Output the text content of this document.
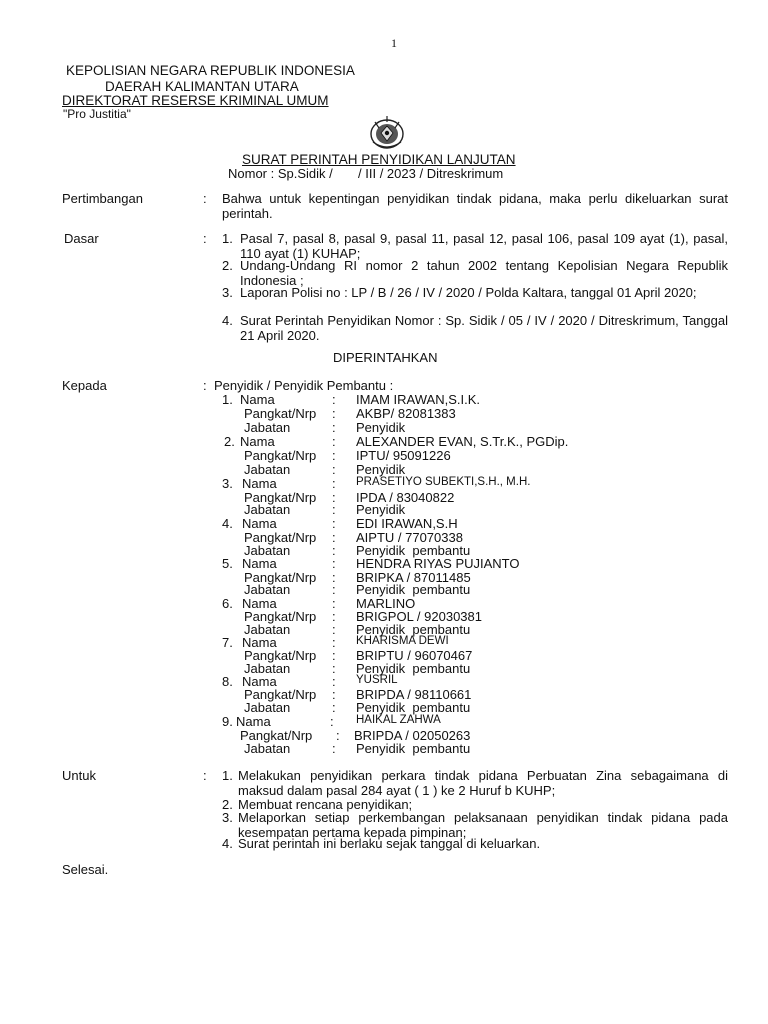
1
KEPOLISIAN NEGARA REPUBLIK INDONESIA
DAERAH KALIMANTAN UTARA
DIREKTORAT RESERSE KRIMINAL UMUM
"Pro Justitia"
SURAT PERINTAH PENYIDIKAN LANJUTAN
Nomor : Sp.Sidik /       / III / 2023 / Ditreskrimum
Pertimbangan	: Bahwa untuk kepentingan penyidikan tindak pidana, maka perlu dikeluarkan surat perintah.
Dasar	: 1. Pasal 7, pasal 8, pasal 9, pasal 11, pasal 12, pasal 106, pasal 109 ayat (1), pasal, 110 ayat (1) KUHAP;
2. Undang-Undang RI nomor 2 tahun 2002 tentang Kepolisian Negara Republik Indonesia ;
3. Laporan Polisi no : LP / B / 26 / IV / 2020 / Polda Kaltara, tanggal 01 April 2020;
4. Surat Perintah Penyidikan Nomor : Sp. Sidik / 05 / IV / 2020 / Ditreskrimum, Tanggal 21 April 2020.
DIPERINTAHKAN
Kepada	: Penyidik / Penyidik Pembantu :
1. Nama	: IMAM IRAWAN,S.I.K.
Pangkat/Nrp : AKBP/ 82081383
Jabatan	: Penyidik
2. Nama	: ALEXANDER EVAN, S.Tr.K., PGDip.
Pangkat/Nrp : IPTU/ 95091226
Jabatan	: Penyidik
3. Nama	: PRASETIYO SUBEKTI,S.H., M.H.
Pangkat/Nrp : IPDA / 83040822
Jabatan	: Penyidik
4. Nama	: EDI IRAWAN,S.H
Pangkat/Nrp : AIPTU / 77070338
Jabatan	: Penyidik  pembantu
5. Nama	: HENDRA RIYAS PUJIANTO
Pangkat/Nrp : BRIPKA / 87011485
Jabatan	: Penyidik  pembantu
6. Nama	: MARLINO
Pangkat/Nrp : BRIGPOL / 92030381
Jabatan	: Penyidik  pembantu
7. Nama	: KHARISMA DEWI
Pangkat/Nrp : BRIPTU / 96070467
Jabatan	: Penyidik  pembantu
8. Nama	: YUSRIL
Pangkat/Nrp : BRIPDA / 98110661
Jabatan	: Penyidik  pembantu
9. Nama	: HAIKAL ZAHWA
Pangkat/Nrp : BRIPDA / 02050263
Jabatan	: Penyidik  pembantu
Untuk	: 1. Melakukan penyidikan perkara tindak pidana Perbuatan Zina sebagaimana di maksud dalam pasal 284 ayat ( 1 ) ke 2 Huruf b KUHP;
2. Membuat rencana penyidikan;
3. Melaporkan setiap perkembangan pelaksanaan penyidikan tindak pidana pada kesempatan pertama kepada pimpinan;
4. Surat perintah ini berlaku sejak tanggal di keluarkan.
Selesai.
